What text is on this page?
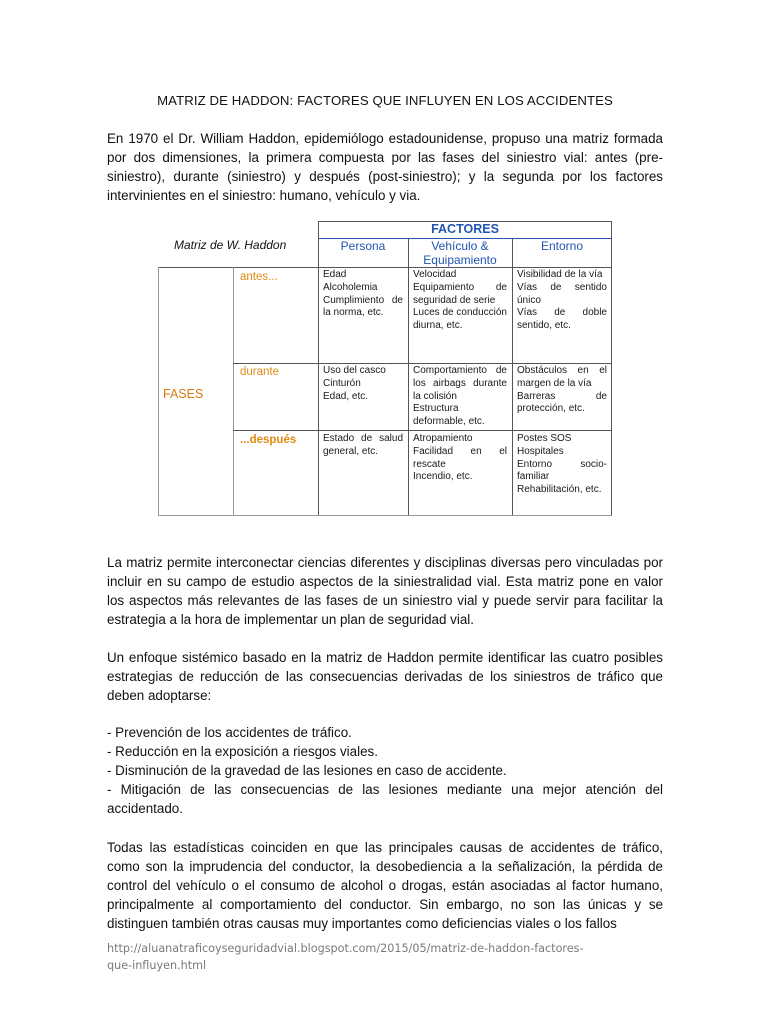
MATRIZ DE HADDON: FACTORES QUE INFLUYEN EN LOS ACCIDENTES
En 1970 el Dr. William Haddon, epidemiólogo estadounidense, propuso una matriz formada por dos dimensiones, la primera compuesta por las fases del siniestro vial: antes (pre-siniestro), durante (siniestro) y después (post-siniestro); y la segunda por los factores intervinientes en el siniestro: humano, vehículo y via.
Matriz de W. Haddon
FACTORES
Persona	Vehículo &
Equipamiento
Entorno
FASES
antes...
durante
...después
Edad
Alcoholemia
Cumplimiento de la norma, etc.
Velocidad
Equipamiento de seguridad de serie
Luces de conducción diurna, etc.
Visibilidad de la vía
Vías de sentido único
Vías de doble sentido, etc.
Uso del casco
Cinturón
Edad, etc.
Comportamiento de los airbags durante la colisión
Estructura deformable, etc.
Obstáculos en el margen de la vía
Barreras de protección, etc.
Estado de salud general, etc.
Atropamiento
Facilidad en el rescate
Incendio, etc.
Postes SOS
Hospitales
Entorno socio-familiar
Rehabilitación, etc.
La matriz permite interconectar ciencias diferentes y disciplinas diversas pero vinculadas por incluir en su campo de estudio aspectos de la siniestralidad vial. Esta matriz pone en valor los aspectos más relevantes de las fases de un siniestro vial y puede servir para facilitar la estrategia a la hora de implementar un plan de seguridad vial.
Un enfoque sistémico basado en la matriz de Haddon permite identificar las cuatro posibles estrategias de reducción de las consecuencias derivadas de los siniestros de tráfico que deben adoptarse:
- Prevención de los accidentes de tráfico.
- Reducción en la exposición a riesgos viales.
- Disminución de la gravedad de las lesiones en caso de accidente.
- Mitigación de las consecuencias de las lesiones mediante una mejor atención del accidentado.
Todas las estadísticas coinciden en que las principales causas de accidentes de tráfico, como son la imprudencia del conductor, la desobediencia a la señalización, la pérdida de control del vehículo o el consumo de alcohol o drogas, están asociadas al factor humano, principalmente al comportamiento del conductor. Sin embargo, no son las únicas y se distinguen también otras causas muy importantes como deficiencias viales o los fallos
http://aluanatraficoyseguridadvial.blogspot.com/2015/05/matriz-de-haddon-factores-
que-influyen.html
